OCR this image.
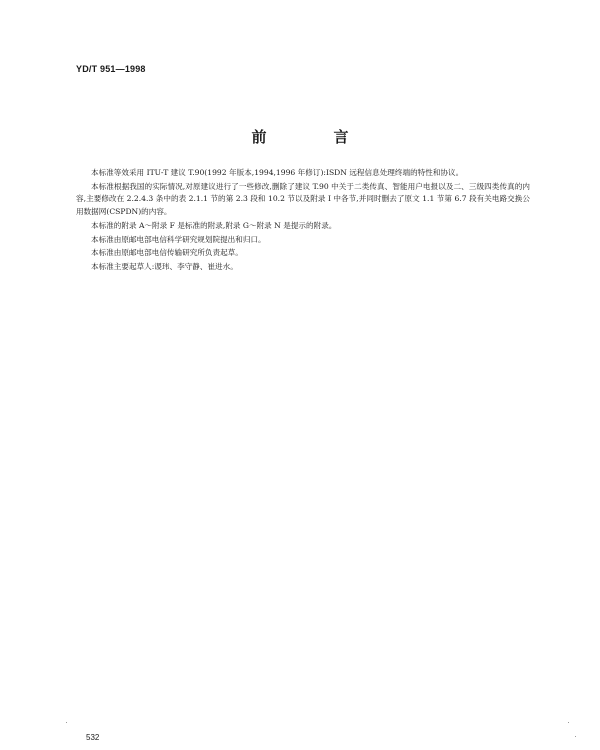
YD/T 951—1998
前　言

本标准等效采用 ITU-T 建议 T.90(1992 年版本,1994,1996 年修订):ISDN 远程信息处理终端的特性和协议。

本标准根据我国的实际情况,对原建议进行了一些修改,删除了建议 T.90 中关于二类传真、智能用户电报以及二、三级四类传真的内容,主要修改在 2.2.4.3 条中的表 2.1.1 节的第 2.3 段和 10.2 节以及附录 I 中各节,并同时删去了原文 1.1 节第 6.7 段有关电路交换公用数据网(CSPDN)的内容。

本标准的附录 A～附录 F 是标准的附录,附录 G～附录 N 是提示的附录。

本标准由原邮电部电信科学研究规划院提出和归口。

本标准由原邮电部电信传输研究所负责起草。

本标准主要起草人:谡玮、李守静、崔进水。

532
